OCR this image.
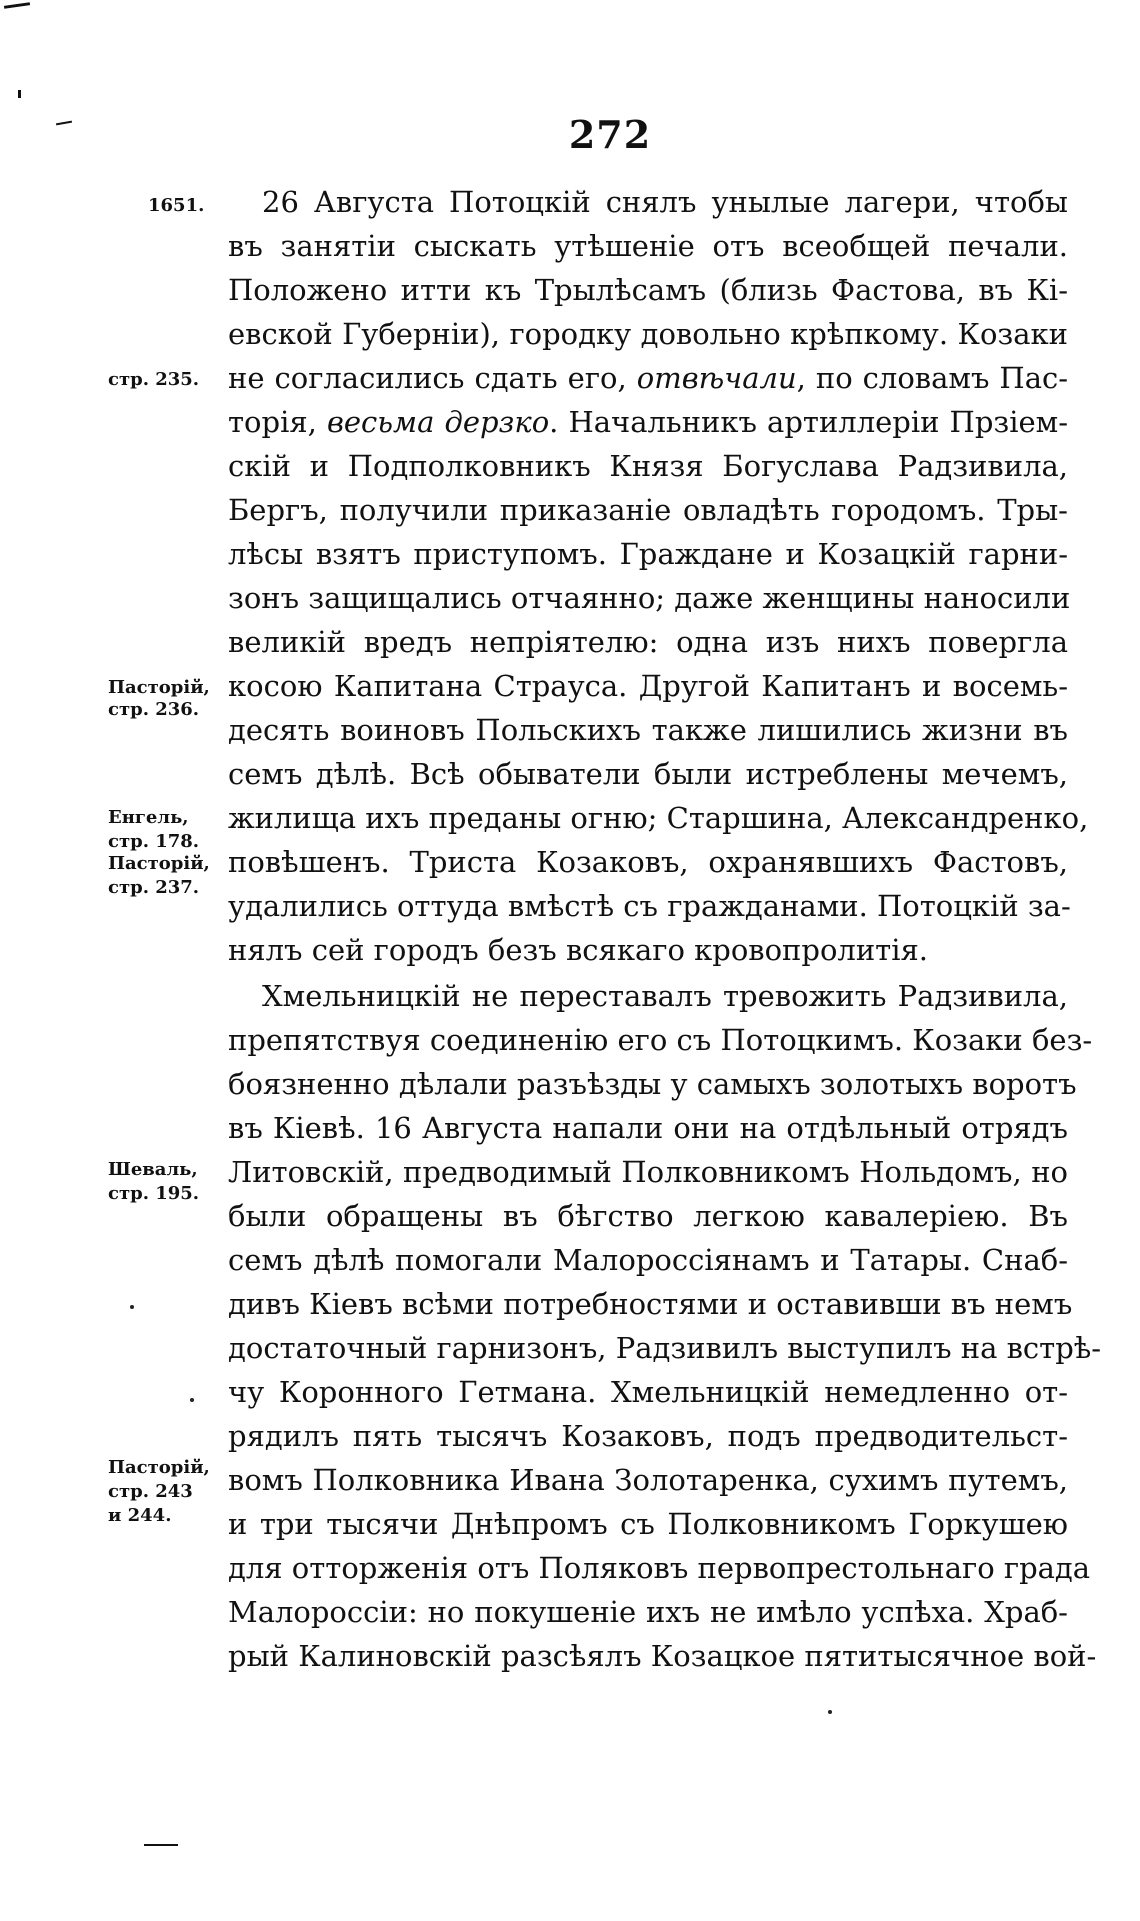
272
1651.
стр. 235.
Пасторій,
стр. 236.
Енгель,
стр. 178.
Пасторій,
стр. 237.
Шеваль,
стр. 195.
Пасторій,
стр. 243
и 244.
26 Августа Потоцкій снялъ унылые лагери, чтобы
въ занятіи сыскать утѣшеніе отъ всеобщей печали.
Положено итти къ Трылѣсамъ (близь Фастова, въ Кі-
евской Губерніи), городку довольно крѣпкому. Козаки
не согласились сдать его, отвѣчали, по словамъ Пас-
торія, весьма дерзко. Начальникъ артиллеріи Прзіем-
скій и Подполковникъ Князя Богуслава Радзивила,
Бергъ, получили приказаніе овладѣть городомъ. Тры-
лѣсы взятъ приступомъ. Граждане и Козацкій гарни-
зонъ защищались отчаянно; даже женщины наносили
великій вредъ непріятелю: одна изъ нихъ повергла
косою Капитана Страуса. Другой Капитанъ и восемь-
десять воиновъ Польскихъ также лишились жизни въ
семъ дѣлѣ. Всѣ обыватели были истреблены мечемъ,
жилища ихъ преданы огню; Старшина, Александренко,
повѣшенъ. Триста Козаковъ, охранявшихъ Фастовъ,
удалились оттуда вмѣстѣ съ гражданами. Потоцкій за-
нялъ сей городъ безъ всякаго кровопролитія.
Хмельницкій не переставалъ тревожить Радзивила,
препятствуя соединенію его съ Потоцкимъ. Козаки без-
боязненно дѣлали разъѣзды у самыхъ золотыхъ воротъ
въ Кіевѣ. 16 Августа напали они на отдѣльный отрядъ
Литовскій, предводимый Полковникомъ Нольдомъ, но
были обращены въ бѣгство легкою кавалеріею. Въ
семъ дѣлѣ помогали Малороссіянамъ и Татары. Снаб-
дивъ Кіевъ всѣми потребностями и оставивши въ немъ
достаточный гарнизонъ, Радзивилъ выступилъ на встрѣ-
чу Коронного Гетмана. Хмельницкій немедленно от-
рядилъ пять тысячъ Козаковъ, подъ предводительст-
вомъ Полковника Ивана Золотаренка, сухимъ путемъ,
и три тысячи Днѣпромъ съ Полковникомъ Горкушею
для отторженія отъ Поляковъ первопрестольнаго града
Малороссіи: но покушеніе ихъ не имѣло успѣха. Храб-
рый Калиновскій разсѣялъ Козацкое пятитысячное вой-
